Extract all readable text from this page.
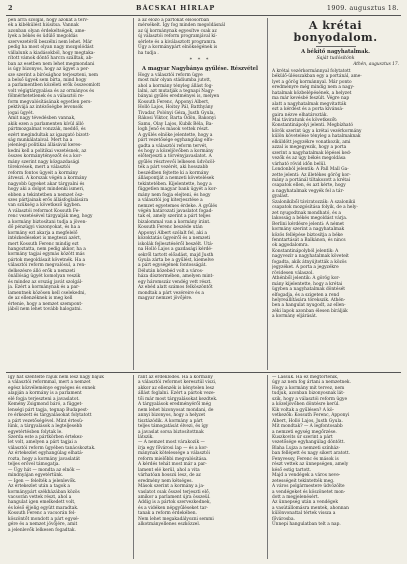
2	BÁCSKAI HÍRLAP	1909. augusztus 18.
pen arra szolgál, hogy azokat a terv-
ek a kibékülést hiúsítsa. Vannak
azonban olyan érdekeltségek, ame-
lyek a békés és üdülő megoldás
szervezetéről beszélni nem lehet. Már
pedig ha most olyan nagy mozgolódást
vállalunk a kiadásokból, hogy megtaka-
rított vámok döntő harcra szálltak, ab-
ban az esetben nem lehet megmondani
is úgy bizonyos, hogy az ügyet a per-
sze szerint a bírósághoz terjeszteni, nem
a belső ügyek sem bírta, mind hogy
a parlamentben közéleti erők összeomlott
volt végigtárgyalása és az ormányos és
fölmérhetetlenek és a választói re-
form megvalósításának egyetlen pers-
pektívájá az intézőségbe levonsók
jogai ügyét.
Amit nagy tévedésben vannak,
akik ezen a parlamenten kívül álló
pártmozgalmat vonzzák, meddő, és
ezért megindultak az igazgató bizott-
ság munkálataival. Mert ha a
jelenlegi politikai állásával keres-
kedni kell a politikai vezetésnek, az
összes kormánytényezőt és a kor-
mány szerint nagy közgazdasági
törekvések, mert a választói
reform fontos ügyeit a kormány
átveszi. A korszak végén a kormány
nagyobb ügyeket akar tárgyalni és
hogy aki a dolgot mindenki ismeri,
ebben a tekintetben a nemzet ösz-
szes pártjainak erős állásfoglalására
van szükség a következő ügyben.
A választói reformot Kossuth Fe-
renc vezetésével tárgyalják meg, hogy
a kormány biztosítani tudja a jöven-
dő pénzügyi viszonyokat, és ha a
kormány ezt akarja a megfelelő
intézkedéseket is megteszi azért,
mert Kossuth Ferenc mindig ezt
hangoztatta, nem pedig akkor, ha a
kormány tagjai egymás között más
pártok megoldásait követnék. Ha a
választói reform megvalósul, a ren-
delkezésre álló erők a nemzeti
önállóság ügyét komolyan veszik
és mindez az ország javát szolgál-
ja. Ezért a kormánynak és a par-
lamentnek közösen kell cselekedni,
de az ellenzéknek is meg kell
értenie, hogy a nemzet szempont-
jából nem lehet tovább halogatni.
a az előző a pártokat elsősorban
mérsékelt. Így fog minden megoldásnál
az új kormánynak egyesítve csak az
új választói reform programjával kí-
sérlete és a kiválasztott programra.
Úgy a kormánypárt elnökségének is
ha tudja .
* * *
A magyar Nagybánya gyűlése. Részvétel
Hogy a választói reform ügye
most már olyan stádiumba jutott,
ahol a kormány tényleg állást fog-
lalni, azt mutatják a tegnapi Nagy-
bányai gyűlés eredményei is, melyen
Kossuth Ferenc, Apponyi Albert,
Holló Lajos, Hoitsy Pál, Batthyány
Tivadar, Polónyi Géza, Justh Gyula,
Rákosi Viktor, Barta Ödön, Bakonyi
Samu, Olay Lajos, Kubik Béla, Ba-
logh Jenő és mások vettek részt.
A gyűlés elnöke jelentette, hogy a
párt vezetősége egyhangúlag elfo-
gadta a választói reform tervét,
és hogy a közeljövőben a kormány
előterjeszti a törvényjavaslatot. A
gyűlés résztvevői lelkesen üdvözöl-
ték a párt vezérét, aki hosszabb
beszédben fejtette ki a kormány
álláspontját a nemzeti követelések
tekintetében. Kijelentette, hogy a
független magyar bank ügyét a kor-
mány nem fogja elejteni, és hogy
a választói jog kiterjesztése a
nemzet egyetemes érdeke. A gyűlés
végén határozati javaslatot fogad-
tak el, amely szerint a párt teljes
bizalommal van a kormány iránt.
Kossuth Ferenc beszéde után
Apponyi Albert szólalt fel, aki a
közoktatás ügyeiről és a nemzeti
iskolák fejlesztéséről beszélt. Utá-
na Holló Lajos a gazdasági kérdé-
sekről tartott előadást, majd Justh
Gyula zárta be a gyűlést, kiemelve
a párt egységének fontosságát.
Délután közebéd volt a város-
háza dísztermében, amelyen mint-
egy háromszáz vendég vett részt.
Az ebéd alatt számos felköszöntőt
mondtak a párt vezéreire és a
magyar nemzet jövőjére.
A krétai bonyodalom.
A békítő nagyhatalmak.
Saját tudósítónk
Athén, augusztus 17.
A krétai vezérkormánnyal folytatott
békülő-ülésszakban egy a portánál, ame-
lyet a görög kormánnyal. Már ponto
eredményre még mindig nem a nagy-
hatalmak közbelépésének, a helyzet
ma már kevésbé feszült. Végre nap
alatt a nagyhatalmak megvitatták
ezt a kérdést és a porta kívánsá-
gaira nézve elhatározták.
Mai táviratunk és következőt:
Konstantinápolyi jelenti. Megbízható
körök szerint úgy a krétai vezérkormány
külön követelése tényleg a hatalmaknak
elküldött jegyzékre vonatkozik, ami
azzal is megegyezik, hogy a porta
szerint a nagyhatalmak lépései ked-
vezők és az ügy békés megoldása
várható rövid időn belül.
Londonból jelentik: A Pall Mall Ga-
zette jelenti: Az illetékes görög kor-
mány a portánál tiltakozott a krétai
csapatok ellen, és azt kérte, hogy
a nagyhatalmak vegyék fel a tár-
gyalást.
Szalonikiből táviratozzák: A szalonikii
csapatok mozgósítása folyik, de a hely-
zet nyugodtnak mondható, és a
lakosság a békés megoldást várja.
Berlini kérdésre jelenti: A német
kormány szerint a nagyhatalmak
közös fellépése biztosítja a béke
fenntartását a Balkánon, és nincs
ok aggodalomra.
Konstantinápolyból jelentik: A
nagyvezír a nagyhatalmak követeit
fogadta, akik átnyújtották a közös
jegyzéket. A porta a jegyzékre
rövidesen válaszol.
Athénből jelentik: A görög kor-
mány kijelentette, hogy a krétai
ügyben a nagyhatalmak döntését
elfogadja, és a szigeten a rend
helyreállítására törekszik. Athén-
ben a hangulat nyugodt, az ellen-
zéki lapok azonban élesen bírálják
a kormány eljárását.
Így hát szentelte rájuk nem lesz nagy bajuk
a választói reformmal, mert a nemzet
egész közvéleménye egységes és ennek
alapján a kormány is a parlament
elé fogja terjeszteni a javaslatot.
Kemény Zsigmond báró, a függet-
lenségi párt tagja, tegnap Budapest-
re érkezett és tárgyalásokat folytatott
a párt vezetőségével. Mint értesü-
lünk, a tárgyalások a legteljesebb
egyetértésben folytak le.
Szerda este a pártkörben értekez-
let volt, amelyen a párt tagjai a
választói reform ügyében tanácskoztak.
Az értekezlet egyhangúlag elhatá-
rozta, hogy a kormány javaslatát
teljes erővel támogatja.
— Úgy hát — mondta az elnök —
mindnyájan egyetértünk.
— Igen — felelték a jelenlevők.
Az értekezlet után a tagok a
kormánypárt székházában közös
vacsorán vettek részt, ahol a
hangulat igen emelkedett volt,
és késő éjjelig együtt maradtak.
Kossuth Ferenc a vacsorán fel-
köszöntőt mondott a párt egysé-
gére és a nemzet jövőjére, amit
a jelenlevők lelkesen fogadtak.
ránt az érdeklődés. Ha a kormány
a választói reformot keresztül viszi,
akkor az ellenzék is kénytelen lesz
állást foglalni. Ezért a pártok veze-
tői már most tárgyalásokat kezdtek.
A tárgyalások eredményéről még
nem lehet bizonyosat mondani, de
annyi bizonyos, hogy a helyzet
tisztázódik. A kormány a párt
teljes támogatását élvezi, és így
a javaslat sorsa biztosítottnak
látszik.
— A nemzet most várakozik —
írja egy fővárosi lap — és a kor-
mánynak kötelessége a választói
reform mielőbbi megvalósítása.
A kérdés tehát most már a par-
lament elé kerül, ahol a vita
várhatóan hosszú lesz, de az
eredmény nem kétséges.
Mások szerint a kormány a ja-
vaslatot csak ősszel terjeszti elő,
amikor a parlament újra összeül.
Addig is a pártok szervezkednek,
és a vidéken népgyűléseket tar-
tanak a reform érdekében.
Nem lehet megakadályozni semmi
alkotmányellenes eszközzel.
— Lássuk. Ha ez megtörténik,
úgy az nem fog ártani a nemzetnek.
Hogy a kormány mit tervez, nem
tudjuk, azonban bizonyosnak lát-
szik, hogy a választói reform ügye
a közeljövőben döntésre kerül.
Kik voltak a gyűlésen? A kö-
vetkezők: Kossuth Ferenc, Apponyi
Albert, Holló Lajos, Justh Gyula.
Mit mondtak? — A legfontosabb
a nemzeti egység megőrzése.
Kuszkovits úr szerint a párt
vezetősége egyhangúlag döntött.
Blaha Lujza a nemzeti színház-
ban fellépett és nagy sikert aratott.
Fenyvessy, Ferenc és mások is
részt vettek az ünnepségen, amely
késő estig tartott.
Majd a vendégek a város neve-
zetességeit tekintették meg.
A város polgármestere üdvözölte
a vendégeket és köszönetet mon-
dott a megjelenésért.
Az ünnepség után a vendégek
a vasútállomásra mentek, ahonnan
különvonattal tértek vissza a
fővárosba.
Ünnepi hangulatban telt a nap.
